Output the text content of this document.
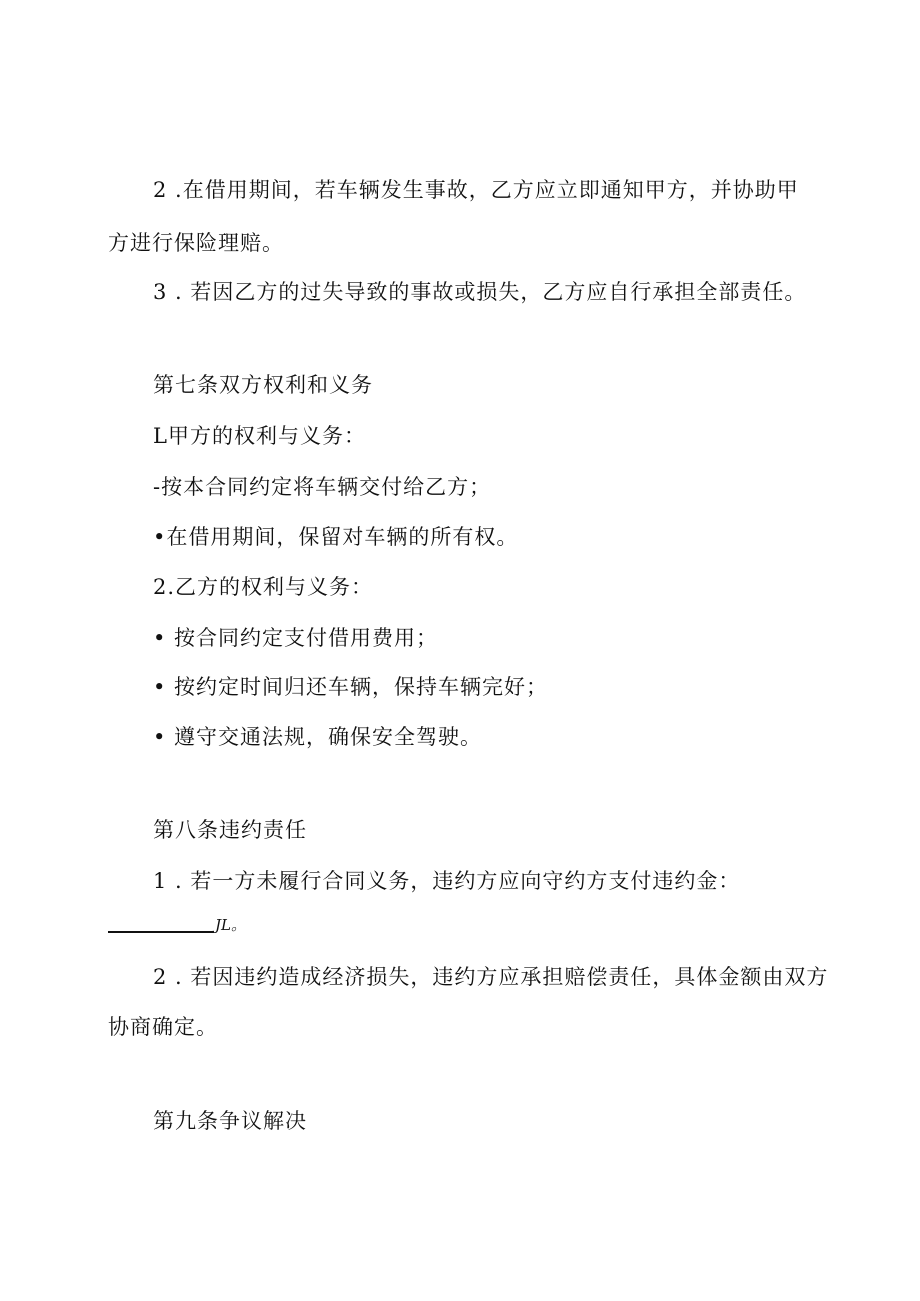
2 .在借用期间，若车辆发生事故，乙方应立即通知甲方，并协助甲

方进行保险理赔。

3 . 若因乙方的过失导致的事故或损失，乙方应自行承担全部责任。

第七条双方权利和义务

L甲方的权利与义务：

-按本合同约定将车辆交付给乙方；

•在借用期间，保留对车辆的所有权。

2.乙方的权利与义务：

• 按合同约定支付借用费用；

• 按约定时间归还车辆，保持车辆完好；

• 遵守交通法规，确保安全驾驶。

第八条违约责任

1 . 若一方未履行合同义务，违约方应向守约方支付违约金：

JL。

2 . 若因违约造成经济损失，违约方应承担赔偿责任，具体金额由双方

协商确定。

第九条争议解决
